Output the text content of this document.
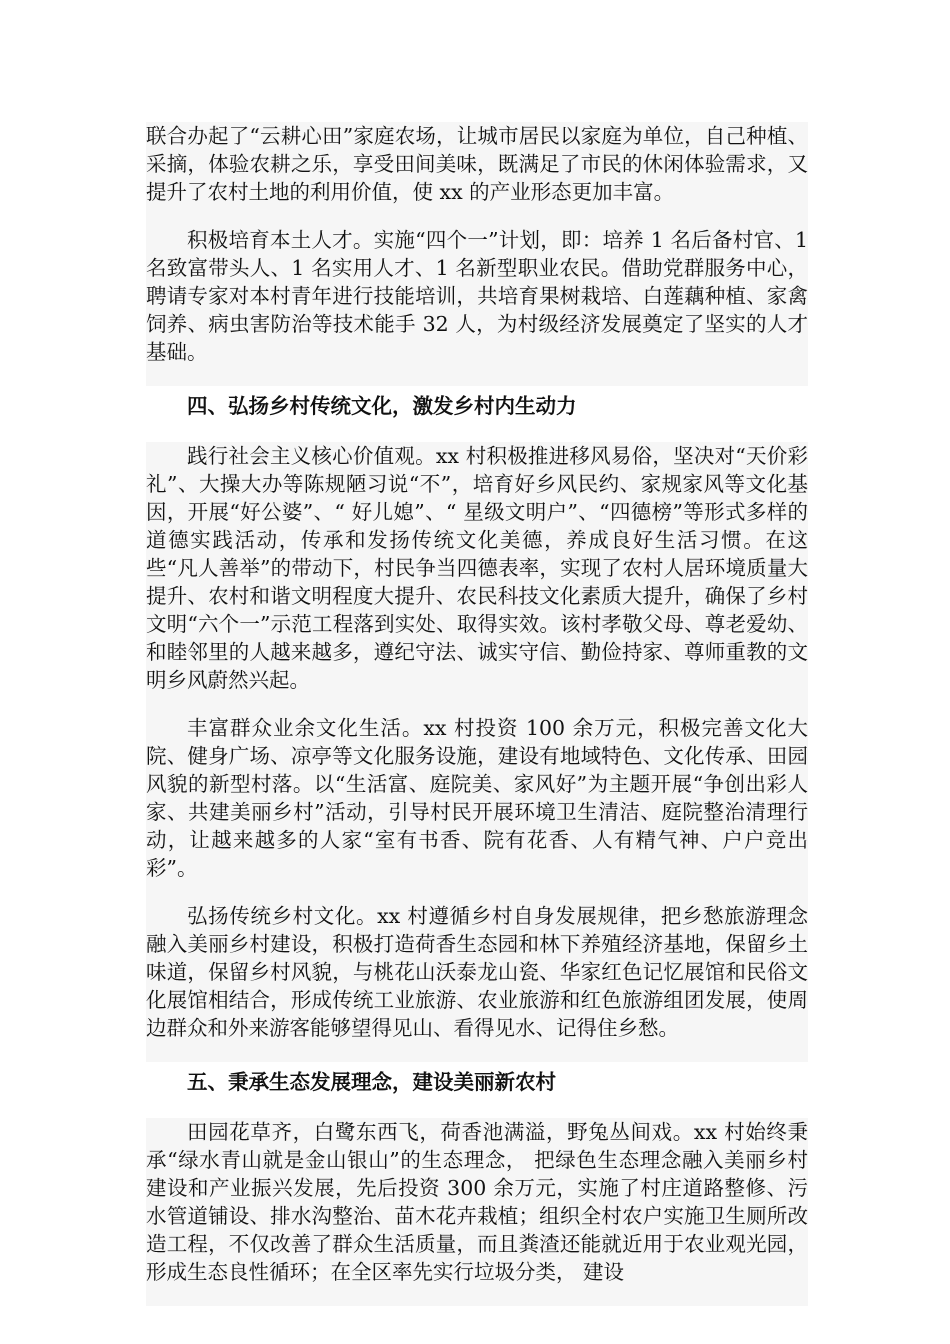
联合办起了“云耕心田”家庭农场，让城市居民以家庭为单位，自己种植、采摘，体验农耕之乐，享受田间美味，既满足了市民的休闲体验需求，又提升了农村土地的利用价值，使 xx 的产业形态更加丰富。

积极培育本土人才。实施“四个一”计划，即：培养 1 名后备村官、1 名致富带头人、1 名实用人才、1 名新型职业农民。借助党群服务中心，聘请专家对本村青年进行技能培训，共培育果树栽培、白莲藕种植、家禽饲养、病虫害防治等技术能手 32 人，为村级经济发展奠定了坚实的人才基础。

四、弘扬乡村传统文化，激发乡村内生动力

践行社会主义核心价值观。xx 村积极推进移风易俗，坚决对“天价彩礼”、大操大办等陈规陋习说“不”，培育好乡风民约、家规家风等文化基因，开展“好公婆”、“ 好儿媳”、“ 星级文明户”、“四德榜”等形式多样的道德实践活动，传承和发扬传统文化美德，养成良好生活习惯。在这些“凡人善举”的带动下，村民争当四德表率，实现了农村人居环境质量大提升、农村和谐文明程度大提升、农民科技文化素质大提升，确保了乡村文明“六个一”示范工程落到实处、取得实效。该村孝敬父母、尊老爱幼、和睦邻里的人越来越多，遵纪守法、诚实守信、勤俭持家、尊师重教的文明乡风蔚然兴起。

丰富群众业余文化生活。xx 村投资 100 余万元，积极完善文化大院、健身广场、凉亭等文化服务设施，建设有地域特色、文化传承、田园风貌的新型村落。以“生活富、庭院美、家风好”为主题开展“争创出彩人家、共建美丽乡村”活动，引导村民开展环境卫生清洁、庭院整治清理行动，让越来越多的人家“室有书香、院有花香、人有精气神、户户竞出彩”。

弘扬传统乡村文化。xx 村遵循乡村自身发展规律，把乡愁旅游理念融入美丽乡村建设，积极打造荷香生态园和林下养殖经济基地，保留乡土味道，保留乡村风貌，与桃花山沃泰龙山瓷、华家红色记忆展馆和民俗文化展馆相结合，形成传统工业旅游、农业旅游和红色旅游组团发展，使周边群众和外来游客能够望得见山、看得见水、记得住乡愁。

五、秉承生态发展理念，建设美丽新农村

田园花草齐，白鹭东西飞，荷香池满溢，野兔丛间戏。xx 村始终秉承“绿水青山就是金山银山”的生态理念， 把绿色生态理念融入美丽乡村建设和产业振兴发展，先后投资 300 余万元，实施了村庄道路整修、污水管道铺设、排水沟整治、苗木花卉栽植；组织全村农户实施卫生厕所改造工程，不仅改善了群众生活质量，而且粪渣还能就近用于农业观光园，形成生态良性循环；在全区率先实行垃圾分类， 建设
